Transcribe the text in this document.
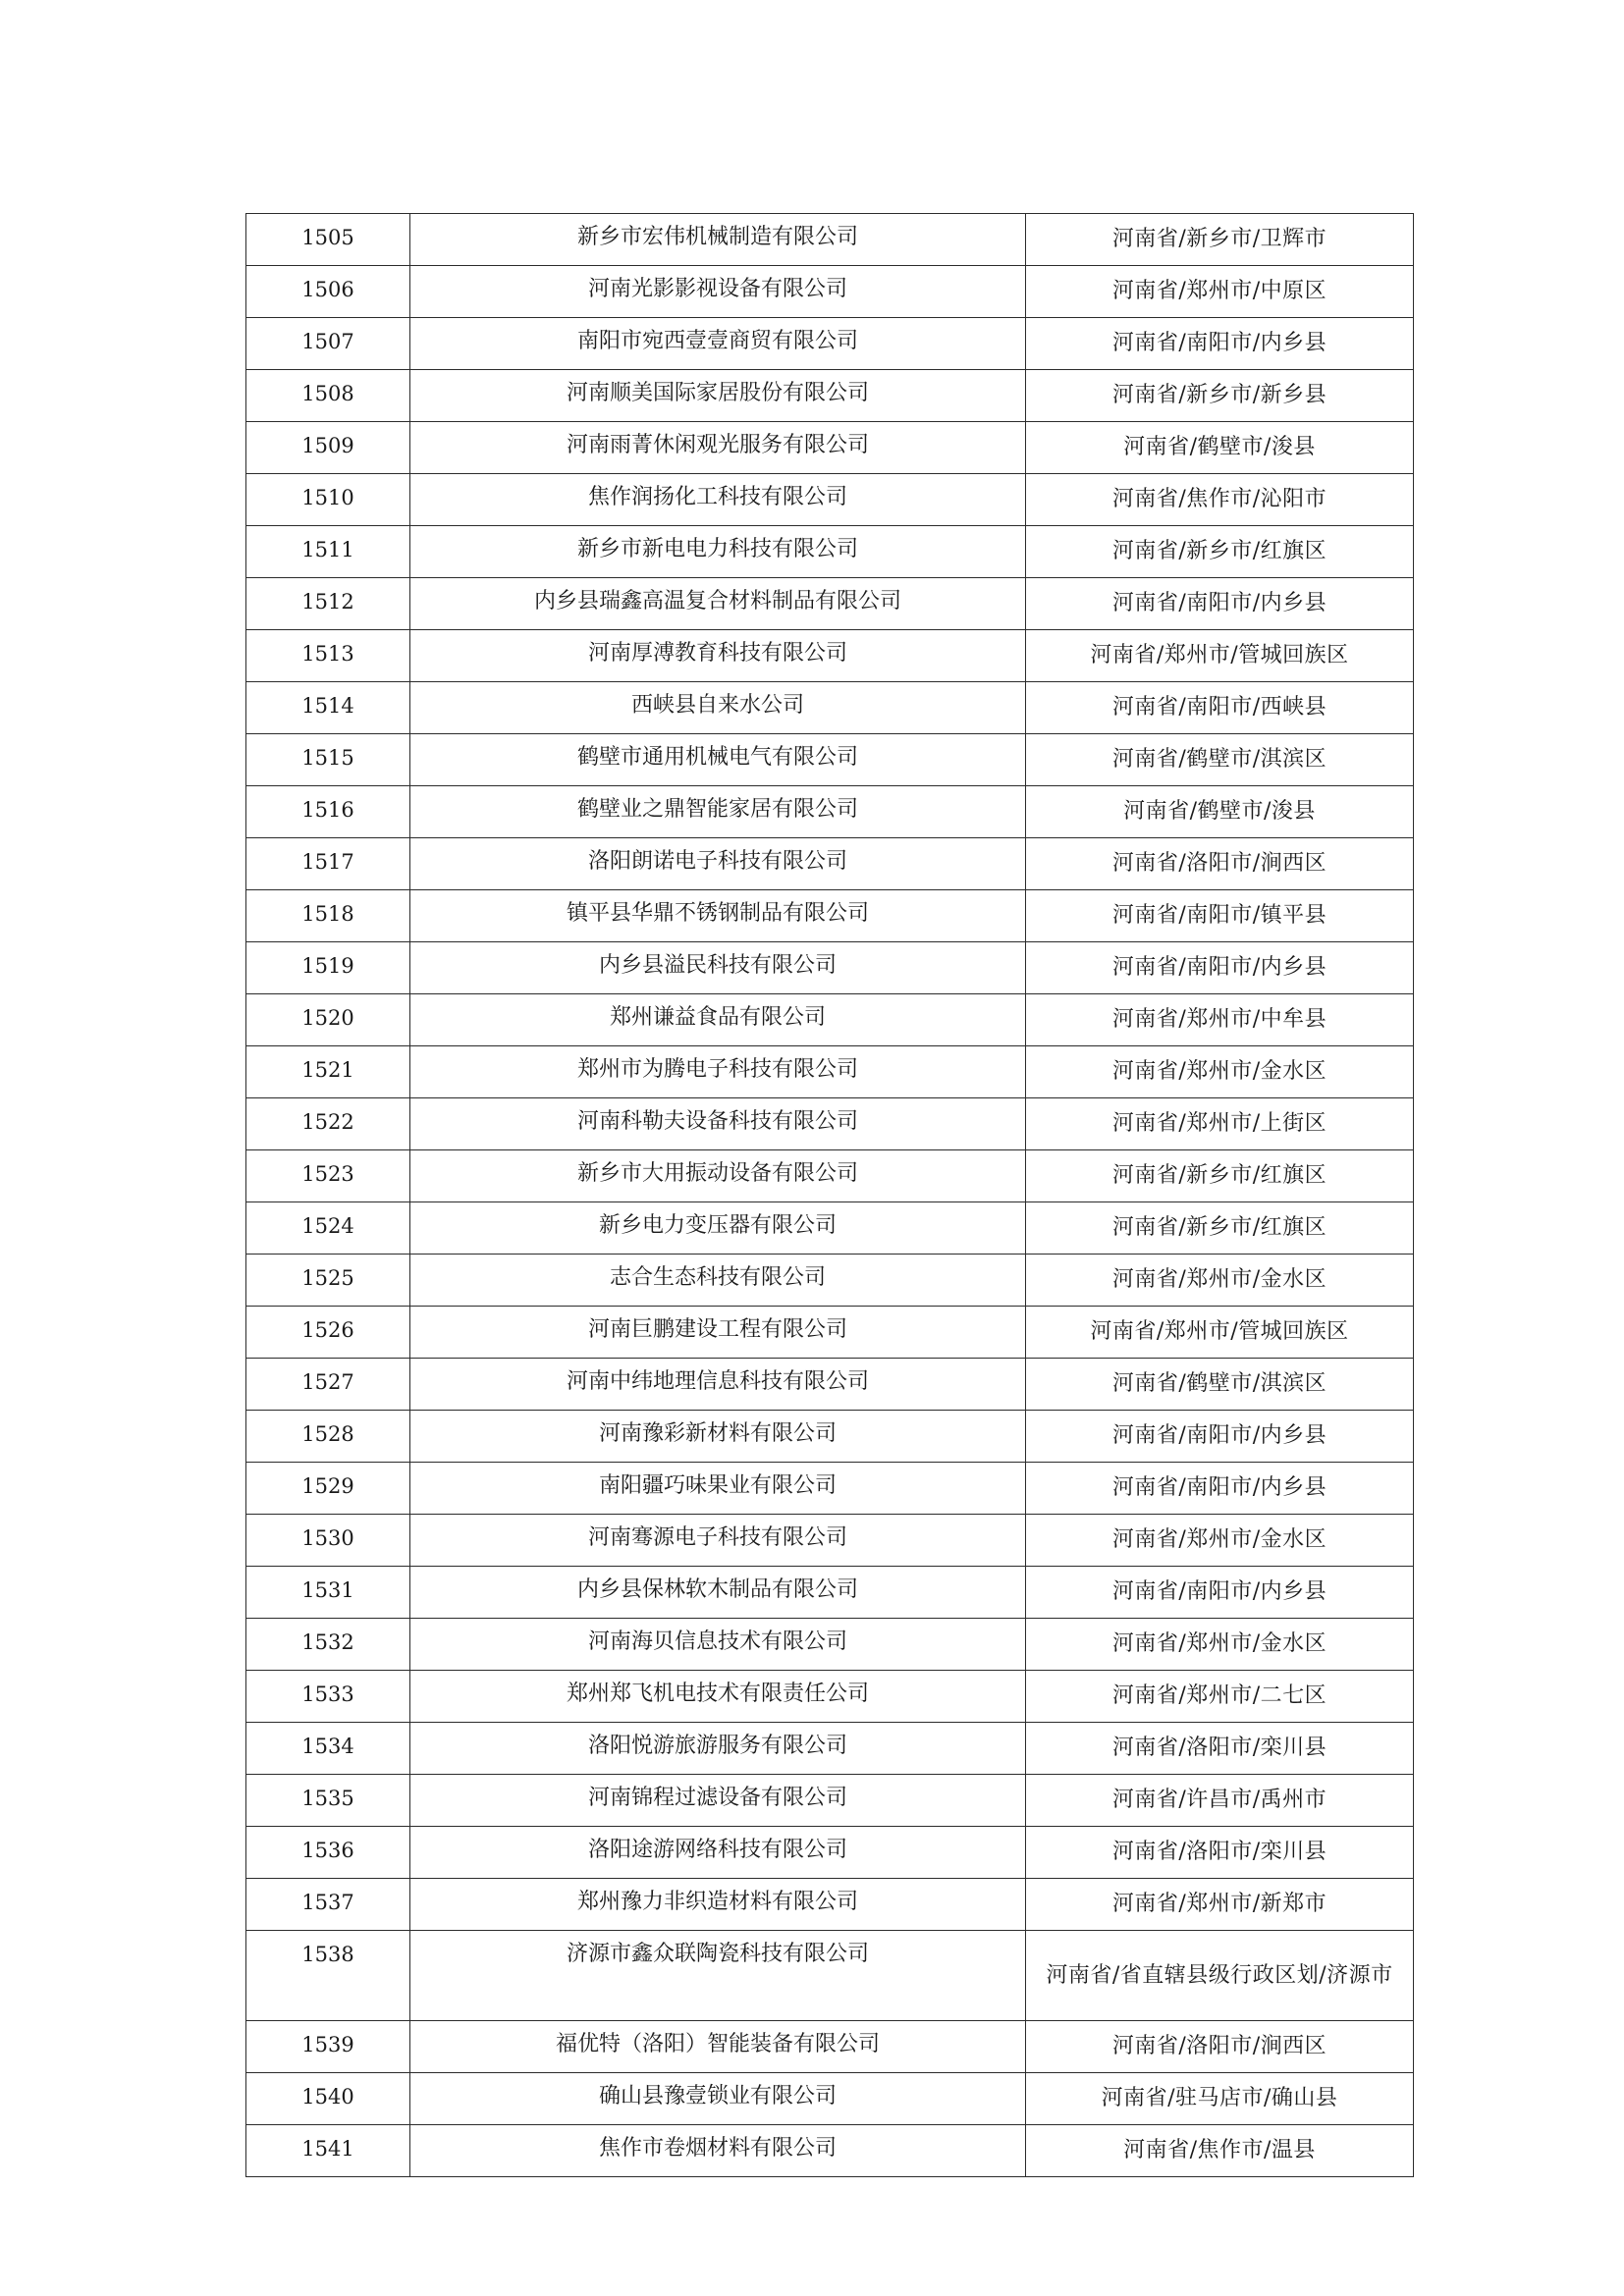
1505	新乡市宏伟机械制造有限公司	河南省/新乡市/卫辉市
1506	河南光影影视设备有限公司	河南省/郑州市/中原区
1507	南阳市宛西壹壹商贸有限公司	河南省/南阳市/内乡县
1508	河南顺美国际家居股份有限公司	河南省/新乡市/新乡县
1509	河南雨菁休闲观光服务有限公司	河南省/鹤壁市/浚县
1510	焦作润扬化工科技有限公司	河南省/焦作市/沁阳市
1511	新乡市新电电力科技有限公司	河南省/新乡市/红旗区
1512	内乡县瑞鑫高温复合材料制品有限公司	河南省/南阳市/内乡县
1513	河南厚溥教育科技有限公司	河南省/郑州市/管城回族区
1514	西峡县自来水公司	河南省/南阳市/西峡县
1515	鹤壁市通用机械电气有限公司	河南省/鹤壁市/淇滨区
1516	鹤壁业之鼎智能家居有限公司	河南省/鹤壁市/浚县
1517	洛阳朗诺电子科技有限公司	河南省/洛阳市/涧西区
1518	镇平县华鼎不锈钢制品有限公司	河南省/南阳市/镇平县
1519	内乡县溢民科技有限公司	河南省/南阳市/内乡县
1520	郑州谦益食品有限公司	河南省/郑州市/中牟县
1521	郑州市为腾电子科技有限公司	河南省/郑州市/金水区
1522	河南科勒夫设备科技有限公司	河南省/郑州市/上街区
1523	新乡市大用振动设备有限公司	河南省/新乡市/红旗区
1524	新乡电力变压器有限公司	河南省/新乡市/红旗区
1525	志合生态科技有限公司	河南省/郑州市/金水区
1526	河南巨鹏建设工程有限公司	河南省/郑州市/管城回族区
1527	河南中纬地理信息科技有限公司	河南省/鹤壁市/淇滨区
1528	河南豫彩新材料有限公司	河南省/南阳市/内乡县
1529	南阳疆巧味果业有限公司	河南省/南阳市/内乡县
1530	河南骞源电子科技有限公司	河南省/郑州市/金水区
1531	内乡县保林软木制品有限公司	河南省/南阳市/内乡县
1532	河南海贝信息技术有限公司	河南省/郑州市/金水区
1533	郑州郑飞机电技术有限责任公司	河南省/郑州市/二七区
1534	洛阳悦游旅游服务有限公司	河南省/洛阳市/栾川县
1535	河南锦程过滤设备有限公司	河南省/许昌市/禹州市
1536	洛阳途游网络科技有限公司	河南省/洛阳市/栾川县
1537	郑州豫力非织造材料有限公司	河南省/郑州市/新郑市
1538	济源市鑫众联陶瓷科技有限公司	河南省/省直辖县级行政区划/济源市
1539	福优特（洛阳）智能装备有限公司	河南省/洛阳市/涧西区
1540	确山县豫壹锁业有限公司	河南省/驻马店市/确山县
1541	焦作市卷烟材料有限公司	河南省/焦作市/温县
